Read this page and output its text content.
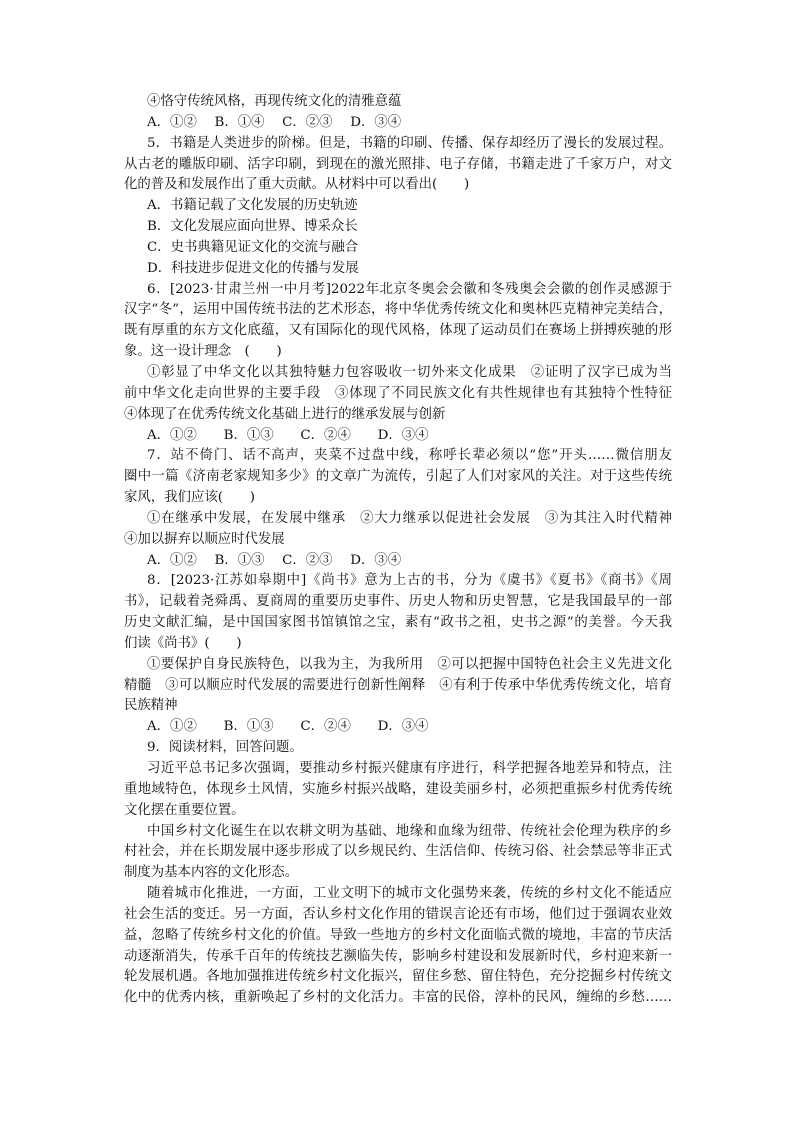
④恪守传统风格，再现传统文化的清雅意蕴
A．①②　 B．①④　 C．②③　 D．③④
5．书籍是人类进步的阶梯。但是，书籍的印刷、传播、保存却经历了漫长的发展过程。
从古老的雕版印刷、活字印刷，到现在的激光照排、电子存储，书籍走进了千家万户，对文
化的普及和发展作出了重大贡献。从材料中可以看出(　　)
A．书籍记载了文化发展的历史轨迹
B．文化发展应面向世界、博采众长
C．史书典籍见证文化的交流与融合
D．科技进步促进文化的传播与发展
6．[2023·甘肃兰州一中月考]2022年北京冬奥会会徽和冬残奥会会徽的创作灵感源于
汉字“冬”，运用中国传统书法的艺术形态，将中华优秀传统文化和奥林匹克精神完美结合，
既有厚重的东方文化底蕴，又有国际化的现代风格，体现了运动员们在赛场上拼搏疾驰的形
象。这一设计理念　(　　)
①彰显了中华文化以其独特魅力包容吸收一切外来文化成果　②证明了汉字已成为当
前中华文化走向世界的主要手段　③体现了不同民族文化有共性规律也有其独特个性特征
④体现了在优秀传统文化基础上进行的继承发展与创新
A．①②　　B．①③　　C．②④　　D．③④
7．站不倚门、话不高声，夹菜不过盘中线，称呼长辈必须以“您”开头……微信朋友
圈中一篇《济南老家规知多少》的文章广为流传，引起了人们对家风的关注。对于这些传统
家风，我们应该(　　)
①在继承中发展，在发展中继承　②大力继承以促进社会发展　③为其注入时代精神
④加以摒弃以顺应时代发展
A．①②　 B．①③　 C．②③　 D．③④
8．[2023·江苏如皋期中]《尚书》意为上古的书，分为《虞书》《夏书》《商书》《周
书》，记载着尧舜禹、夏商周的重要历史事件、历史人物和历史智慧，它是我国最早的一部
历史文献汇编，是中国国家图书馆镇馆之宝，素有“政书之祖，史书之源”的美誉。今天我
们读《尚书》(　　)
①要保护自身民族特色，以我为主，为我所用　②可以把握中国特色社会主义先进文化
精髓　③可以顺应时代发展的需要进行创新性阐释　④有利于传承中华优秀传统文化，培育
民族精神
A．①②　　B．①③　　C．②④　　D．③④
9．阅读材料，回答问题。
习近平总书记多次强调，要推动乡村振兴健康有序进行，科学把握各地差异和特点，注
重地域特色，体现乡土风情，实施乡村振兴战略，建设美丽乡村，必须把重振乡村优秀传统
文化摆在重要位置。
中国乡村文化诞生在以农耕文明为基础、地缘和血缘为纽带、传统社会伦理为秩序的乡
村社会，并在长期发展中逐步形成了以乡规民约、生活信仰、传统习俗、社会禁忌等非正式
制度为基本内容的文化形态。
随着城市化推进，一方面，工业文明下的城市文化强势来袭，传统的乡村文化不能适应
社会生活的变迁。另一方面，否认乡村文化作用的错误言论还有市场，他们过于强调农业效
益，忽略了传统乡村文化的价值。导致一些地方的乡村文化面临式微的境地，丰富的节庆活
动逐渐消失，传承千百年的传统技艺濒临失传，影响乡村建设和发展新时代，乡村迎来新一
轮发展机遇。各地加强推进传统乡村文化振兴，留住乡愁、留住特色，充分挖掘乡村传统文
化中的优秀内核，重新唤起了乡村的文化活力。丰富的民俗，淳朴的民风，缠绵的乡愁……
